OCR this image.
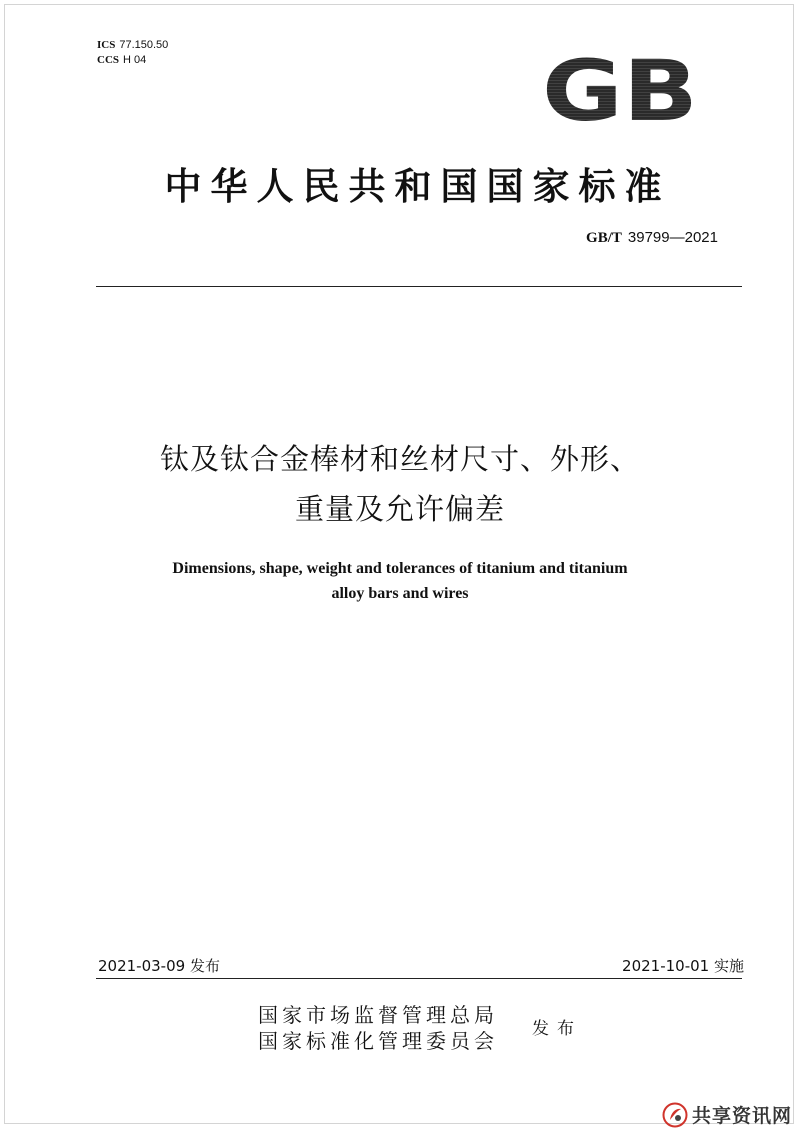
ICS 77.150.50
CCS H 04	GB
中华人民共和国国家标准
GB/T 39799—2021
钛及钛合金棒材和丝材尺寸、外形、
重量及允许偏差
Dimensions, shape, weight and tolerances of titanium and titanium
alloy bars and wires
2021-03-09 发布	2021-10-01 实施
国家市场监督管理总局
国家标准化管理委员会 发布
共享资讯网
